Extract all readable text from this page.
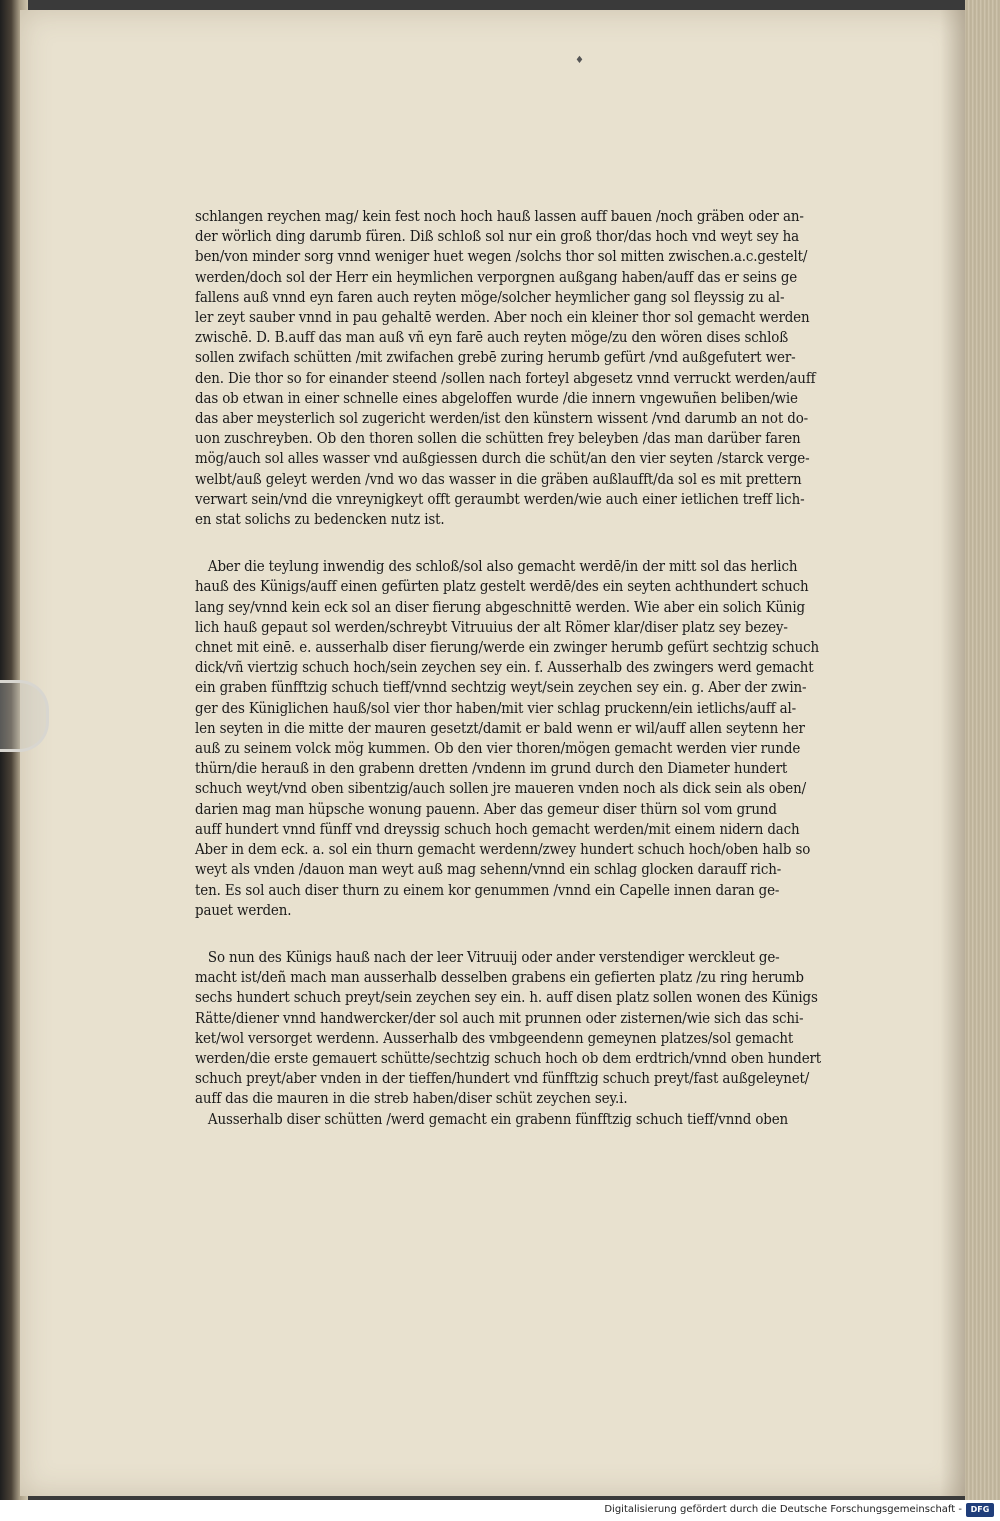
♦

schlangen reychen mag/ kein fest noch hoch hauß lassen auff bauen /noch gräben oder an-
der wörlich ding darumb füren. Diß schloß sol nur ein groß thor/das hoch vnd weyt sey ha
ben/von minder sorg vnnd weniger huet wegen /solchs thor sol mitten zwischen.a.c.gestelt/
werden/doch sol der Herr ein heymlichen verporgnen außgang haben/auff das er seins ge
fallens auß vnnd eyn faren auch reyten möge/solcher heymlicher gang sol fleyssig zu al-
ler zeyt sauber vnnd in pau gehaltē werden. Aber noch ein kleiner thor sol gemacht werden
zwischē. D. B.auff das man auß vñ eyn farē auch reyten möge/zu den wören dises schloß
sollen zwifach schütten /mit zwifachen grebē zuring herumb gefürt /vnd außgefutert wer-
den. Die thor so for einander steend /sollen nach forteyl abgesetz vnnd verruckt werden/auff
das ob etwan in einer schnelle eines abgeloffen wurde /die innern vngewuñen beliben/wie
das aber meysterlich sol zugericht werden/ist den künstern wissent /vnd darumb an not do-
uon zuschreyben. Ob den thoren sollen die schütten frey beleyben /das man darüber faren
mög/auch sol alles wasser vnd außgiessen durch die schüt/an den vier seyten /starck verge-
welbt/auß geleyt werden /vnd wo das wasser in die gräben außlaufft/da sol es mit prettern
verwart sein/vnd die vnreynigkeyt offt geraumbt werden/wie auch einer ietlichen treff lich-
en stat solichs zu bedencken nutz ist.

Aber die teylung inwendig des schloß/sol also gemacht werdē/in der mitt sol das herlich
hauß des Künigs/auff einen gefürten platz gestelt werdē/des ein seyten achthundert schuch
lang sey/vnnd kein eck sol an diser fierung abgeschnittē werden. Wie aber ein solich Künig
lich hauß gepaut sol werden/schreybt Vitruuius der alt Römer klar/diser platz sey bezey-
chnet mit einē. e. ausserhalb diser fierung/werde ein zwinger herumb gefürt sechtzig schuch
dick/vñ viertzig schuch hoch/sein zeychen sey ein. f. Ausserhalb des zwingers werd gemacht
ein graben fünfftzig schuch tieff/vnnd sechtzig weyt/sein zeychen sey ein. g. Aber der zwin-
ger des Küniglichen hauß/sol vier thor haben/mit vier schlag pruckenn/ein ietlichs/auff al-
len seyten in die mitte der mauren gesetzt/damit er bald wenn er wil/auff allen seytenn her
auß zu seinem volck mög kummen. Ob den vier thoren/mögen gemacht werden vier runde
thürn/die herauß in den grabenn dretten /vndenn im grund durch den Diameter hundert
schuch weyt/vnd oben sibentzig/auch sollen jre maueren vnden noch als dick sein als oben/
darien mag man hüpsche wonung pauenn. Aber das gemeur diser thürn sol vom grund
auff hundert vnnd fünff vnd dreyssig schuch hoch gemacht werden/mit einem nidern dach
Aber in dem eck. a. sol ein thurn gemacht werdenn/zwey hundert schuch hoch/oben halb so
weyt als vnden /dauon man weyt auß mag sehenn/vnnd ein schlag glocken darauff rich-
ten. Es sol auch diser thurn zu einem kor genummen /vnnd ein Capelle innen daran ge-
pauet werden.

So nun des Künigs hauß nach der leer Vitruuij oder ander verstendiger werckleut ge-
macht ist/deñ mach man ausserhalb desselben grabens ein gefierten platz /zu ring herumb
sechs hundert schuch preyt/sein zeychen sey ein. h. auff disen platz sollen wonen des Künigs
Rätte/diener vnnd handwercker/der sol auch mit prunnen oder zisternen/wie sich das schi-
ket/wol versorget werdenn. Ausserhalb des vmbgeendenn gemeynen platzes/sol gemacht
werden/die erste gemauert schütte/sechtzig schuch hoch ob dem erdtrich/vnnd oben hundert
schuch preyt/aber vnden in der tieffen/hundert vnd fünfftzig schuch preyt/fast außgeleynet/
auff das die mauren in die streb haben/diser schüt zeychen sey.i.

Ausserhalb diser schütten /werd gemacht ein grabenn fünfftzig schuch tieff/vnnd oben

Digitalisierung gefördert durch die Deutsche Forschungsgemeinschaft -	DFG
